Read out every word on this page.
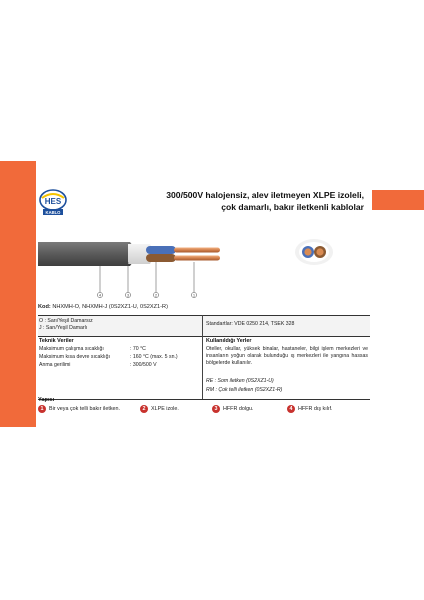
HES
KABLO
300/500V halojensiz, alev iletmeyen XLPE izoleli,
çok damarlı, bakır iletkenli kablolar
4	3	2	1
Kod: NHXMH-O, NHXMH-J (0S2XZ1-U, 0S2XZ1-R)
O : Sarı/Yeşil Damarsız
J : Sarı/Yeşil Damarlı
Standartlar: VDE 0250 214, TSEK 328
Teknik Veriler
Maksimum çalışma sıcaklığı	: 70 °C
Maksimum kısa devre sıcaklığı	: 160 °C (max. 5 sn.)
Anma gerilimi	: 300/500 V
Kullanıldığı Yerler
Oteller, okullar, yüksek binalar, hastaneler, bilgi işlem merkezleri ve insanların yoğun olarak bulunduğu ış merkezleri ile yangına hassas bölgelerde kullanılır.
RE : Som iletken (0S2XZ1-U)
RM : Çok telli iletken (0S2XZ1-R)
Yapısı
1	Bir veya çok telli bakır iletken.	2	XLPE izole.	3	HFFR dolgu.	4	HFFR dış kılıf.
